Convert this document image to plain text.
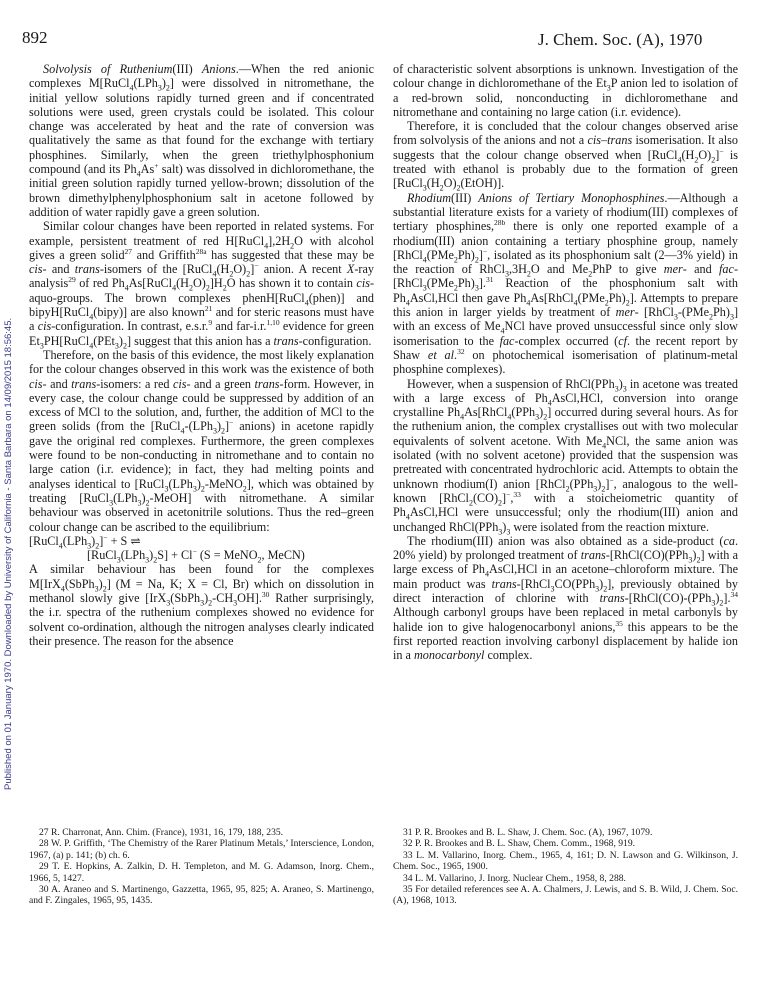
Published on 01 January 1970. Downloaded by University of California - Santa Barbara on 14/09/2015 18:56:45.
892	J. Chem. Soc. (A), 1970

Solvolysis of Ruthenium(III) Anions.—When the red anionic complexes $M[RuCl_4(LPh_3)_2]$ were dissolved in nitromethane, the initial yellow solutions rapidly turned green and if concentrated solutions were used, green crystals could be isolated. This colour change was accelerated by heat and the rate of conversion was qualitatively the same as that found for the exchange with tertiary phosphines. Similarly, when the green triethylphosphonium compound (and its $Ph_4As^+$ salt) was dissolved in dichloromethane, the initial green solution rapidly turned yellow-brown; dissolution of the brown dimethylphenylphosphonium salt in acetone followed by addition of water rapidly gave a green solution.

Similar colour changes have been reported in related systems. For example, persistent treatment of red $H[RuCl_4],2H_2O$ with alcohol gives a green solid$^{27}$ and Griffith$^{28a}$ has suggested that these may be cis- and trans-isomers of the $[RuCl_4(H_2O)_2]^-$ anion. A recent X-ray analysis$^{29}$ of red $Ph_4As[RuCl_4(H_2O)_2]H_2O$ has shown it to contain cis-aquo-groups. The brown complexes phenH[RuCl$_4$(phen)] and bipyH[RuCl$_4$(bipy)] are also known$^{21}$ and for steric reasons must have a cis-configuration. In contrast, e.s.r.$^9$ and far-i.r.$^{1,10}$ evidence for green $Et_3PH[RuCl_4(PEt_3)_2]$ suggest that this anion has a trans-configuration.

Therefore, on the basis of this evidence, the most likely explanation for the colour changes observed in this work was the existence of both cis- and trans-isomers: a red cis- and a green trans-form. However, in every case, the colour change could be suppressed by addition of an excess of MCl to the solution, and, further, the addition of MCl to the green solids (from the $[RuCl_4-(LPh_3)_2]^-$ anions) in acetone rapidly gave the original red complexes. Furthermore, the green complexes were found to be non-conducting in nitromethane and to contain no large cation (i.r. evidence); in fact, they had melting points and analyses identical to $[RuCl_3(LPh_3)_2-MeNO_2]$, which was obtained by treating $[RuCl_3(LPh_3)_2-MeOH]$ with nitromethane. A similar behaviour was observed in acetonitrile solutions. Thus the red–green colour change can be ascribed to the equilibrium:

$[RuCl_4(LPh_3)_2]^- + S$ ⇌
$[RuCl_3(LPh_3)_2S] + Cl^-$ (S = MeNO$_2$, MeCN)

A similar behaviour has been found for the complexes $M[IrX_4(SbPh_3)_2] (M = Na$, K; X = Cl, Br) which on dissolution in methanol slowly give $[IrX_3(SbPh_3)_2-CH_3OH].^{30}$ Rather surprisingly, the i.r. spectra of the ruthenium complexes showed no evidence for solvent co-ordination, although the nitrogen analyses clearly indicated their presence. The reason for the absence

of characteristic solvent absorptions is unknown. Investigation of the colour change in dichloromethane of the $Et_3P$ anion led to isolation of a red-brown solid, nonconducting in dichloromethane and nitromethane and containing no large cation (i.r. evidence).

Therefore, it is concluded that the colour changes observed arise from solvolysis of the anions and not a cis–trans isomerisation. It also suggests that the colour change observed when $[RuCl_4(H_2O)_2]^-$ is treated with ethanol is probably due to the formation of green $[RuCl_3(H_2O)_2(EtOH)]$.

Rhodium(III) Anions of Tertiary Monophosphines.—Although a substantial literature exists for a variety of rhodium(III) complexes of tertiary phosphines,$^{28b}$ there is only one reported example of a rhodium(III) anion containing a tertiary phosphine group, namely $[RhCl_4(PMe_2Ph)_2]^-$, isolated as its phosphonium salt (2—3% yield) in the reaction of $RhCl_3,3H_2O$ and $Me_2PhP$ to give mer- and fac-$[RhCl_3(PMe_2Ph)_3].^{31}$ Reaction of the phosphonium salt with $Ph_4AsCl,HCl$ then gave $Ph_4As[RhCl_4(PMe_2Ph)_2]$. Attempts to prepare this anion in larger yields by treatment of mer- $[RhCl_3-(PMe_2Ph)_3]$ with an excess of $Me_4NCl$ have proved unsuccessful since only slow isomerisation to the fac-complex occurred (cf. the recent report by Shaw et al.$^{32}$ on photochemical isomerisation of platinum-metal phosphine complexes).

However, when a suspension of $RhCl(PPh_3)_3$ in acetone was treated with a large excess of $Ph_4AsCl,HCl$, conversion into orange crystalline $Ph_4As[RhCl_4(PPh_3)_2]$ occurred during several hours. As for the ruthenium anion, the complex crystallises out with two molecular equivalents of solvent acetone. With $Me_4NCl$, the same anion was isolated (with no solvent acetone) provided that the suspension was pretreated with concentrated hydrochloric acid. Attempts to obtain the unknown rhodium(I) anion $[RhCl_2(PPh_3)_2]^-$, analogous to the well-known $[RhCl_2(CO)_2]^-,^{33}$ with a stoicheiometric quantity of $Ph_4AsCl,HCl$ were unsuccessful; only the rhodium(III) anion and unchanged $RhCl(PPh_3)_3$ were isolated from the reaction mixture.

The rhodium(III) anion was also obtained as a side-product (ca. 20% yield) by prolonged treatment of trans-$[RhCl(CO)(PPh_3)_2]$ with a large excess of $Ph_4AsCl,HCl$ in an acetone–chloroform mixture. The main product was trans-$[RhCl_3CO(PPh_3)_2]$, previously obtained by direct interaction of chlorine with trans-$[RhCl(CO)-(PPh_3)_2].^{34}$ Although carbonyl groups have been replaced in metal carbonyls by halide ion to give halogenocarbonyl anions,$^{35}$ this appears to be the first reported reaction involving carbonyl displacement by halide ion in a monocarbonyl complex.

27 R. Charronat, Ann. Chim. (France), 1931, 16, 179, 188, 235.

28 W. P. Griffith, ‘The Chemistry of the Rarer Platinum Metals,’ Interscience, London, 1967, (a) p. 141; (b) ch. 6.

29 T. E. Hopkins, A. Zalkin, D. H. Templeton, and M. G. Adamson, Inorg. Chem., 1966, 5, 1427.

30 A. Araneo and S. Martinengo, Gazzetta, 1965, 95, 825; A. Araneo, S. Martinengo, and F. Zingales, 1965, 95, 1435.

31 P. R. Brookes and B. L. Shaw, J. Chem. Soc. (A), 1967, 1079.

32 P. R. Brookes and B. L. Shaw, Chem. Comm., 1968, 919.

33 L. M. Vallarino, Inorg. Chem., 1965, 4, 161; D. N. Lawson and G. Wilkinson, J. Chem. Soc., 1965, 1900.

34 L. M. Vallarino, J. Inorg. Nuclear Chem., 1958, 8, 288.

35 For detailed references see A. A. Chalmers, J. Lewis, and S. B. Wild, J. Chem. Soc. (A), 1968, 1013.
